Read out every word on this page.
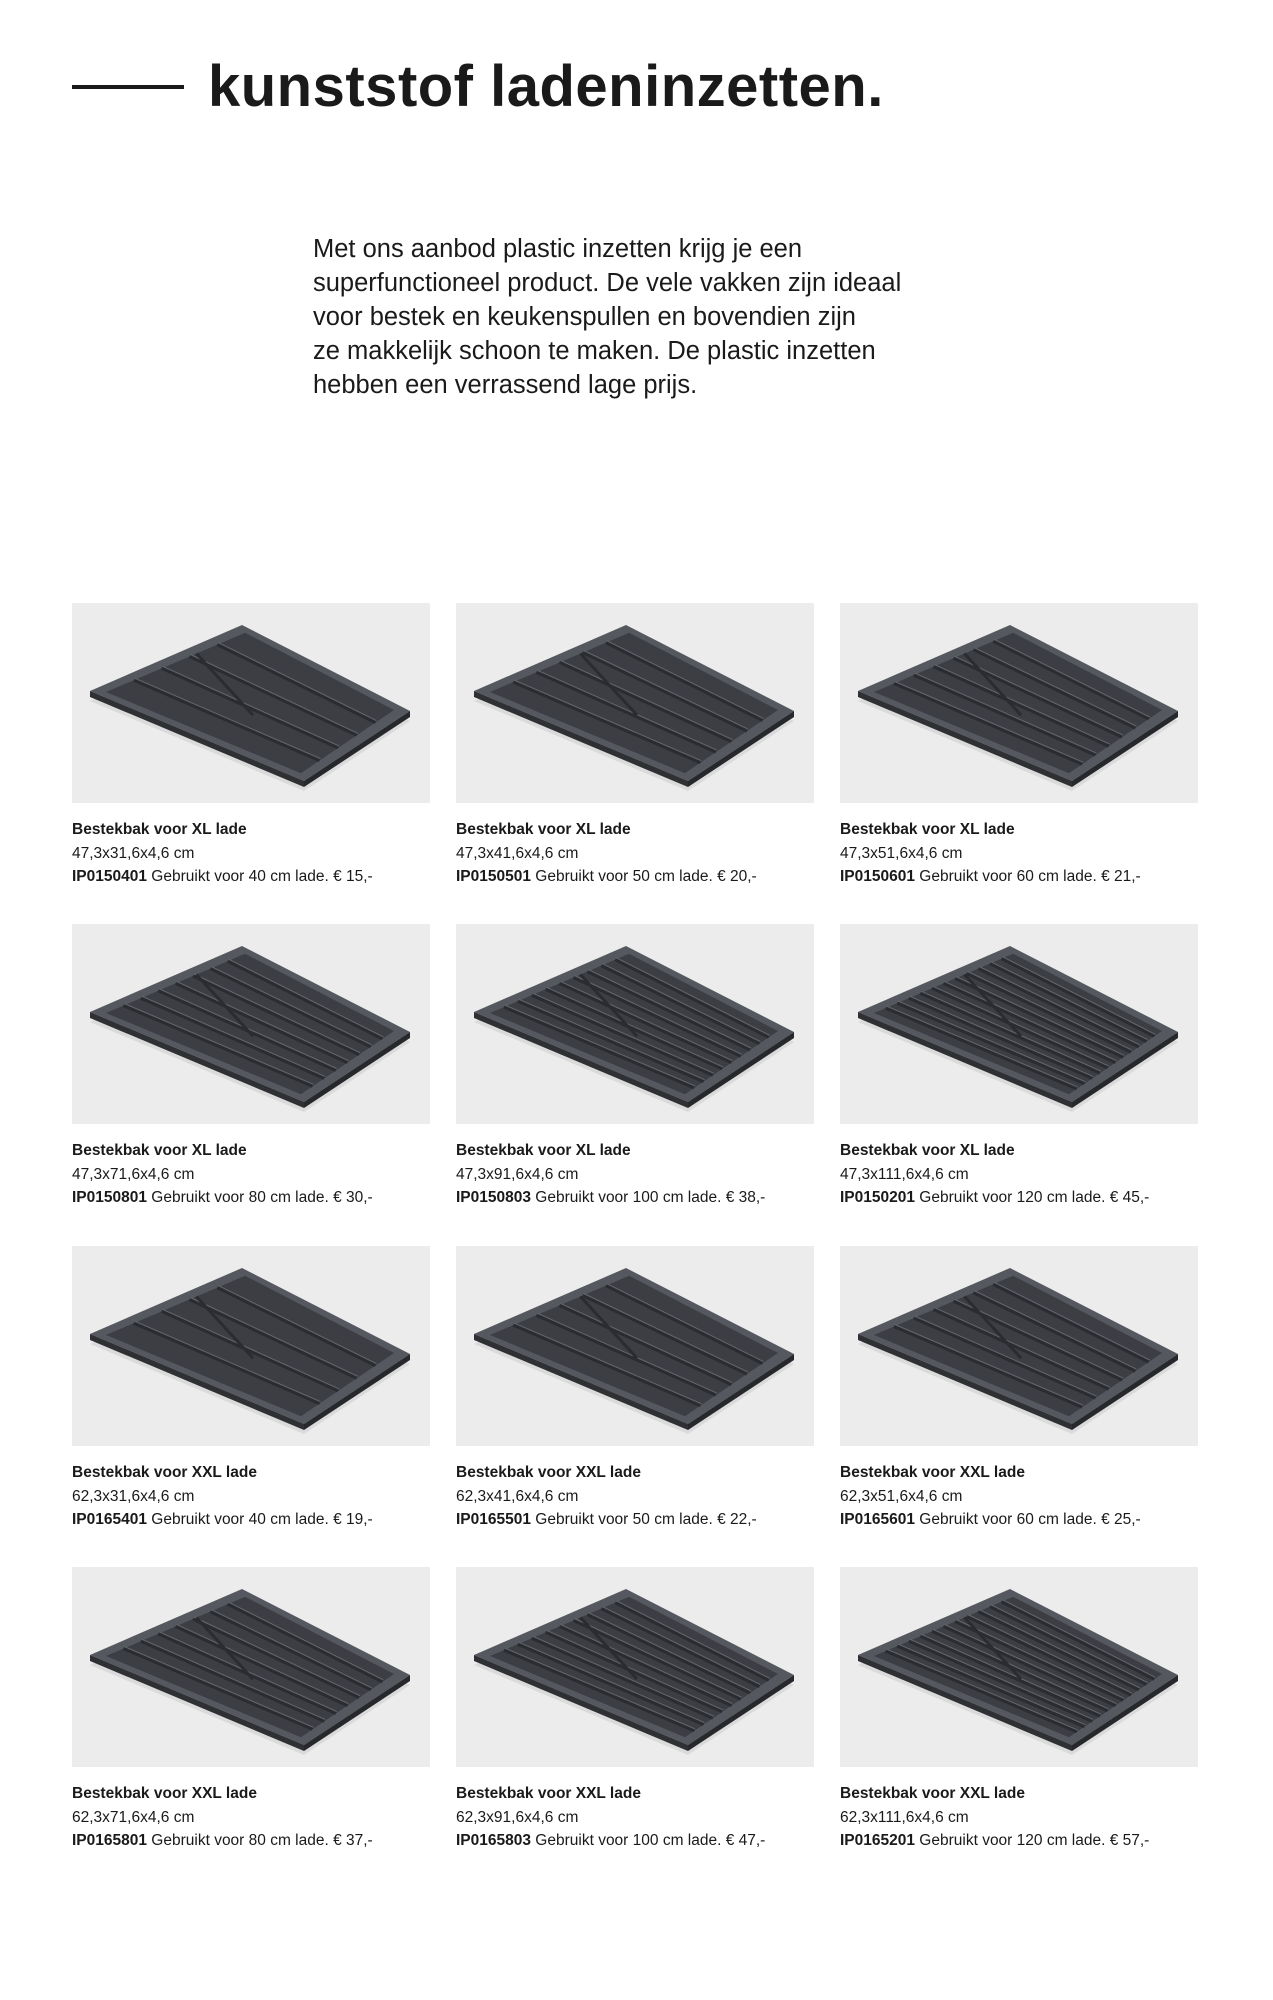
kunststof ladeninzetten.

Met ons aanbod plastic inzetten krijg je een
superfunctioneel product. De vele vakken zijn ideaal
voor bestek en keukenspullen en bovendien zijn
ze makkelijk schoon te maken. De plastic inzetten
hebben een verrassend lage prijs.

Bestekbak voor XL lade
47,3x31,6x4,6 cm
IP0150401 Gebruikt voor 40 cm lade. € 15,-
Bestekbak voor XL lade
47,3x41,6x4,6 cm
IP0150501 Gebruikt voor 50 cm lade. € 20,-
Bestekbak voor XL lade
47,3x51,6x4,6 cm
IP0150601 Gebruikt voor 60 cm lade. € 21,-
Bestekbak voor XL lade
47,3x71,6x4,6 cm
IP0150801 Gebruikt voor 80 cm lade. € 30,-
Bestekbak voor XL lade
47,3x91,6x4,6 cm
IP0150803 Gebruikt voor 100 cm lade. € 38,-
Bestekbak voor XL lade
47,3x111,6x4,6 cm
IP0150201 Gebruikt voor 120 cm lade. € 45,-
Bestekbak voor XXL lade
62,3x31,6x4,6 cm
IP0165401 Gebruikt voor 40 cm lade. € 19,-
Bestekbak voor XXL lade
62,3x41,6x4,6 cm
IP0165501 Gebruikt voor 50 cm lade. € 22,-
Bestekbak voor XXL lade
62,3x51,6x4,6 cm
IP0165601 Gebruikt voor 60 cm lade. € 25,-
Bestekbak voor XXL lade
62,3x71,6x4,6 cm
IP0165801 Gebruikt voor 80 cm lade. € 37,-
Bestekbak voor XXL lade
62,3x91,6x4,6 cm
IP0165803 Gebruikt voor 100 cm lade. € 47,-
Bestekbak voor XXL lade
62,3x111,6x4,6 cm
IP0165201 Gebruikt voor 120 cm lade. € 57,-
